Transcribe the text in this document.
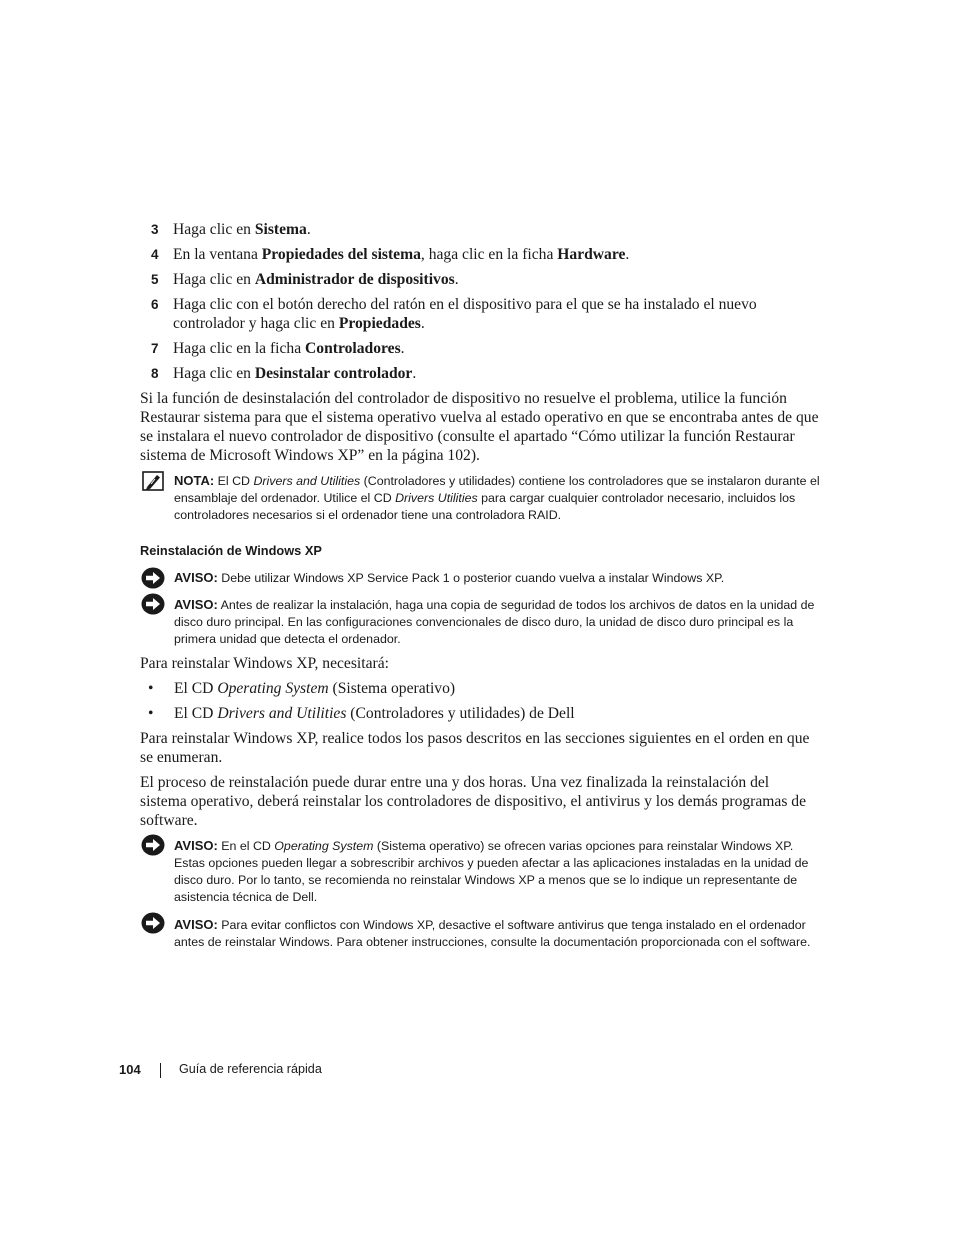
3 Haga clic en Sistema.
4 En la ventana Propiedades del sistema, haga clic en la ficha Hardware.
5 Haga clic en Administrador de dispositivos.
6 Haga clic con el botón derecho del ratón en el dispositivo para el que se ha instalado el nuevo controlador y haga clic en Propiedades.
7 Haga clic en la ficha Controladores.
8 Haga clic en Desinstalar controlador.
Si la función de desinstalación del controlador de dispositivo no resuelve el problema, utilice la función Restaurar sistema para que el sistema operativo vuelva al estado operativo en que se encontraba antes de que se instalara el nuevo controlador de dispositivo (consulte el apartado “Cómo utilizar la función Restaurar sistema de Microsoft Windows XP” en la página 102).
NOTA: El CD Drivers and Utilities (Controladores y utilidades) contiene los controladores que se instalaron durante el ensamblaje del ordenador. Utilice el CD Drivers Utilities para cargar cualquier controlador necesario, incluidos los controladores necesarios si el ordenador tiene una controladora RAID.
Reinstalación de Windows XP
AVISO: Debe utilizar Windows XP Service Pack 1 o posterior cuando vuelva a instalar Windows XP.
AVISO: Antes de realizar la instalación, haga una copia de seguridad de todos los archivos de datos en la unidad de disco duro principal. En las configuraciones convencionales de disco duro, la unidad de disco duro principal es la primera unidad que detecta el ordenador.
Para reinstalar Windows XP, necesitará:
• El CD Operating System (Sistema operativo)
• El CD Drivers and Utilities (Controladores y utilidades) de Dell
Para reinstalar Windows XP, realice todos los pasos descritos en las secciones siguientes en el orden en que se enumeran.
El proceso de reinstalación puede durar entre una y dos horas. Una vez finalizada la reinstalación del sistema operativo, deberá reinstalar los controladores de dispositivo, el antivirus y los demás programas de software.
AVISO: En el CD Operating System (Sistema operativo) se ofrecen varias opciones para reinstalar Windows XP. Estas opciones pueden llegar a sobrescribir archivos y pueden afectar a las aplicaciones instaladas en la unidad de disco duro. Por lo tanto, se recomienda no reinstalar Windows XP a menos que se lo indique un representante de asistencia técnica de Dell.
AVISO: Para evitar conflictos con Windows XP, desactive el software antivirus que tenga instalado en el ordenador antes de reinstalar Windows. Para obtener instrucciones, consulte la documentación proporcionada con el software.
104	Guía de referencia rápida
